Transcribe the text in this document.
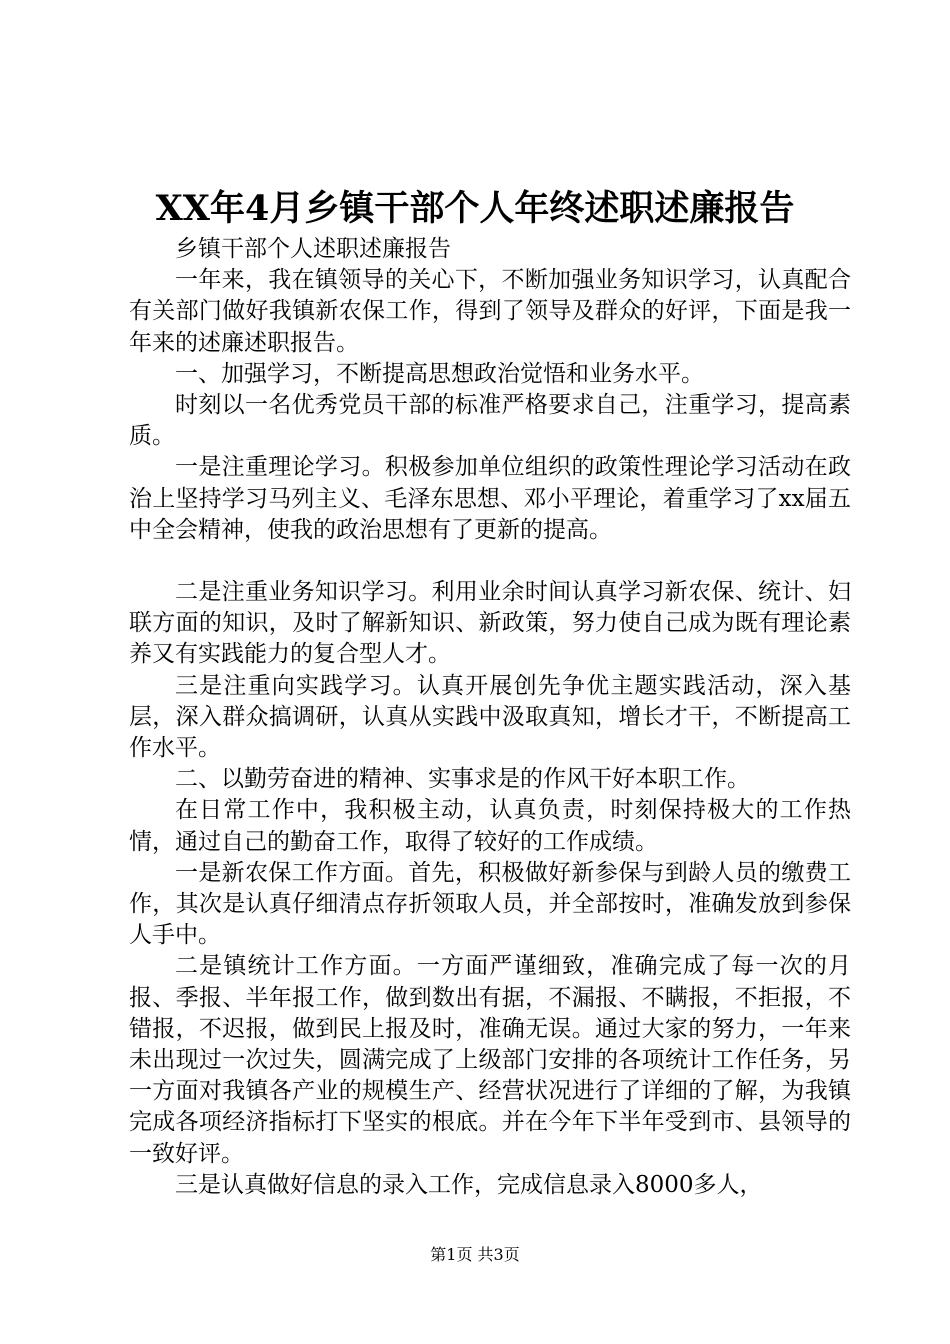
XX年4月乡镇干部个人年终述职述廉报告

乡镇干部个人述职述廉报告

一年来，我在镇领导的关心下，不断加强业务知识学习，认真配合有关部门做好我镇新农保工作，得到了领导及群众的好评，下面是我一年来的述廉述职报告。

一、加强学习，不断提高思想政治觉悟和业务水平。

时刻以一名优秀党员干部的标准严格要求自己，注重学习，提高素质。

一是注重理论学习。积极参加单位组织的政策性理论学习活动在政治上坚持学习马列主义、毛泽东思想、邓小平理论，着重学习了xx届五中全会精神，使我的政治思想有了更新的提高。

二是注重业务知识学习。利用业余时间认真学习新农保、统计、妇联方面的知识，及时了解新知识、新政策，努力使自己成为既有理论素养又有实践能力的复合型人才。

三是注重向实践学习。认真开展创先争优主题实践活动，深入基层，深入群众搞调研，认真从实践中汲取真知，增长才干，不断提高工作水平。

二、以勤劳奋进的精神、实事求是的作风干好本职工作。

在日常工作中，我积极主动，认真负责，时刻保持极大的工作热情，通过自己的勤奋工作，取得了较好的工作成绩。

一是新农保工作方面。首先，积极做好新参保与到龄人员的缴费工作，其次是认真仔细清点存折领取人员，并全部按时，准确发放到参保人手中。

二是镇统计工作方面。一方面严谨细致，准确完成了每一次的月报、季报、半年报工作，做到数出有据，不漏报、不瞒报，不拒报，不错报，不迟报，做到民上报及时，准确无误。通过大家的努力，一年来未出现过一次过失，圆满完成了上级部门安排的各项统计工作任务，另一方面对我镇各产业的规模生产、经营状况进行了详细的了解，为我镇完成各项经济指标打下坚实的根底。并在今年下半年受到市、县领导的一致好评。

三是认真做好信息的录入工作，完成信息录入8000多人，

第1页 共3页
